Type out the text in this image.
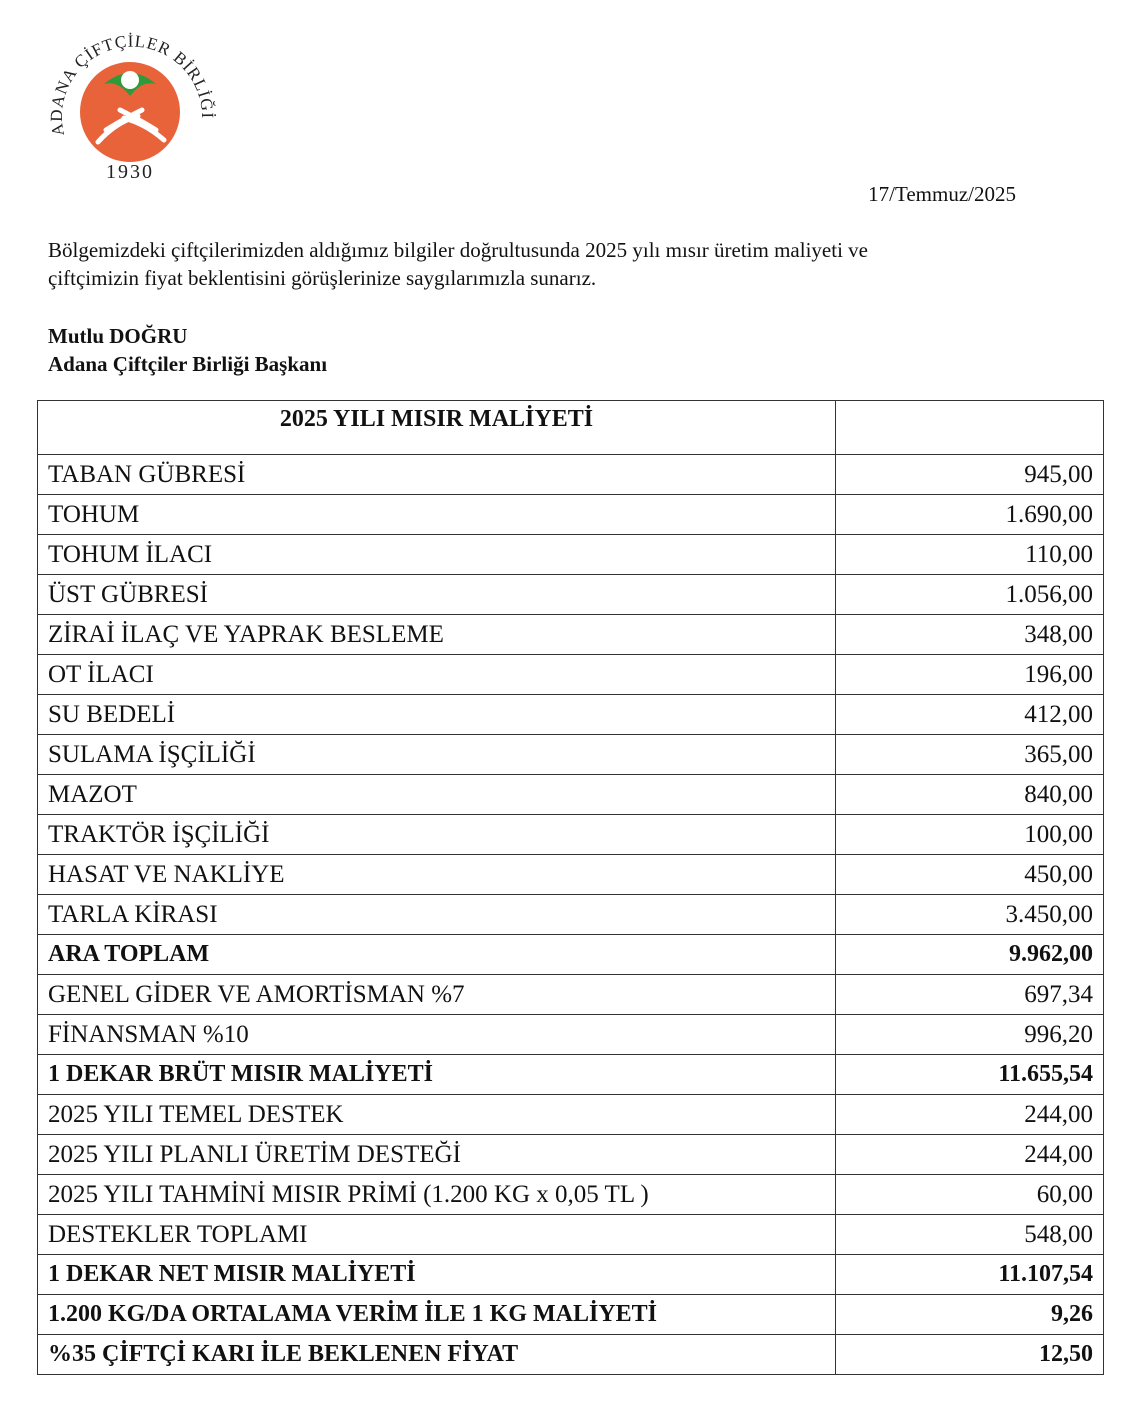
ADANA ÇİFTÇİLER BİRLİĞİ
1930
17/Temmuz/2025
Bölgemizdeki çiftçilerimizden aldığımız bilgiler doğrultusunda 2025 yılı mısır üretim maliyeti ve
çiftçimizin fiyat beklentisini görüşlerinize saygılarımızla sunarız.
Mutlu DOĞRU
Adana Çiftçiler Birliği Başkanı
2025 YILI MISIR MALİYETİ	
TABAN GÜBRESİ	945,00
TOHUM	1.690,00
TOHUM İLACI	110,00
ÜST GÜBRESİ	1.056,00
ZİRAİ İLAÇ VE YAPRAK BESLEME	348,00
OT İLACI	196,00
SU BEDELİ	412,00
SULAMA İŞÇİLİĞİ	365,00
MAZOT	840,00
TRAKTÖR İŞÇİLİĞİ	100,00
HASAT VE NAKLİYE	450,00
TARLA KİRASI	3.450,00
ARA TOPLAM	9.962,00
GENEL GİDER VE AMORTİSMAN %7	697,34
FİNANSMAN %10	996,20
1 DEKAR BRÜT MISIR MALİYETİ	11.655,54
2025 YILI TEMEL DESTEK	244,00
2025 YILI PLANLI ÜRETİM DESTEĞİ	244,00
2025 YILI TAHMİNİ MISIR PRİMİ (1.200 KG x 0,05 TL )	60,00
DESTEKLER TOPLAMI	548,00
1 DEKAR NET MISIR MALİYETİ	11.107,54
1.200 KG/DA ORTALAMA VERİM İLE 1 KG MALİYETİ	9,26
%35 ÇİFTÇİ KARI İLE BEKLENEN FİYAT	12,50
